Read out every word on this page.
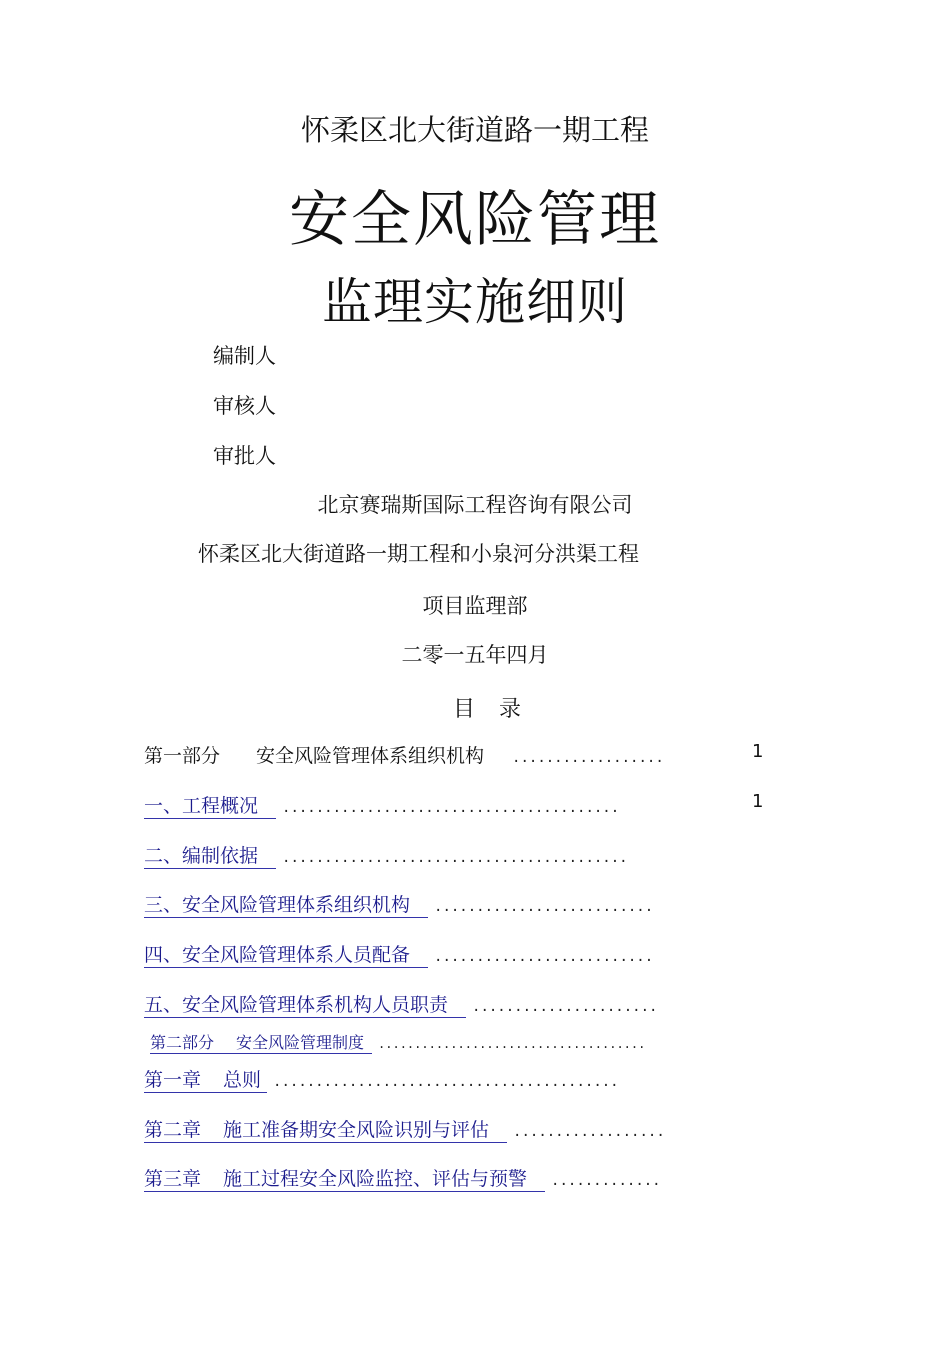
怀柔区北大街道路一期工程
安全风险管理
监理实施细则
编制人
审核人
审批人
北京赛瑞斯国际工程咨询有限公司
怀柔区北大街道路一期工程和小泉河分洪渠工程
项目监理部
二零一五年四月
目录
第一部分 安全风险管理体系组织机构 ..................	1
一、工程概况 ........................................	1
二、编制依据 .........................................
三、安全风险管理体系组织机构 ..........................
四、安全风险管理体系人员配备 ..........................
五、安全风险管理体系机构人员职责 ......................
第二部分 安全风险管理制度 .....................................
第一章 总则 .........................................
第二章 施工准备期安全风险识别与评估 ..................
第三章 施工过程安全风险监控、评估与预警 .............
